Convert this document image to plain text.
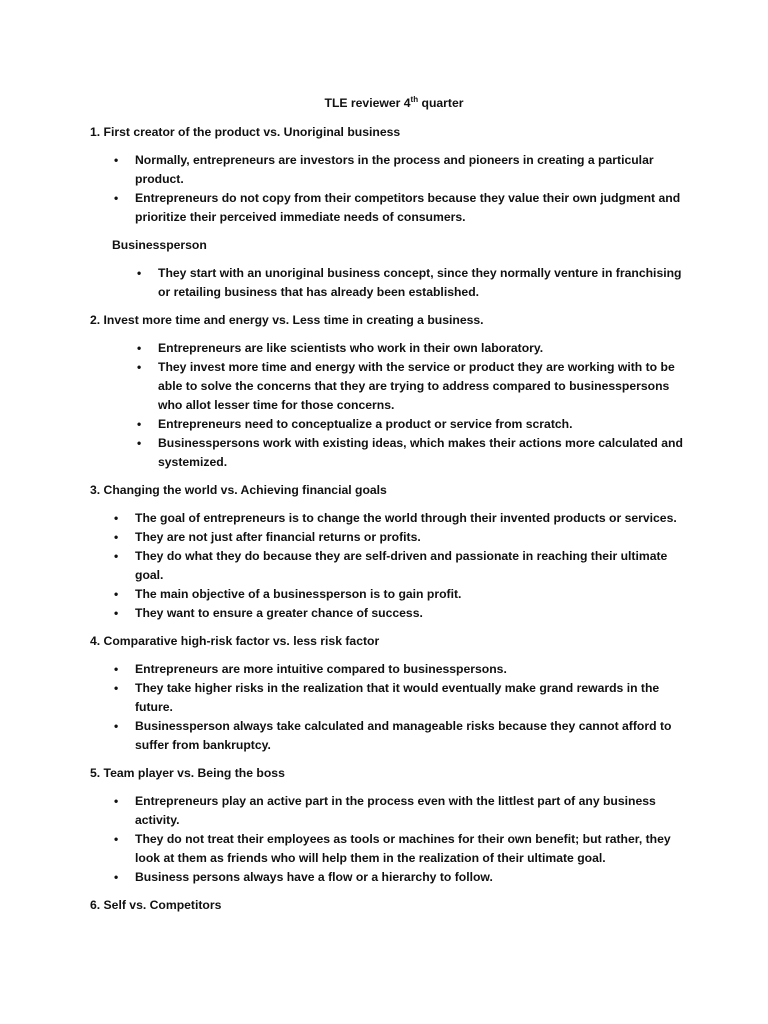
TLE reviewer 4th quarter
1. First creator of the product vs. Unoriginal business
• Normally, entrepreneurs are investors in the process and pioneers in creating a particular product.
• Entrepreneurs do not copy from their competitors because they value their own judgment and prioritize their perceived immediate needs of consumers.
Businessperson
• They start with an unoriginal business concept, since they normally venture in franchising or retailing business that has already been established.
2. Invest more time and energy vs. Less time in creating a business.
• Entrepreneurs are like scientists who work in their own laboratory.
• They invest more time and energy with the service or product they are working with to be able to solve the concerns that they are trying to address compared to businesspersons who allot lesser time for those concerns.
• Entrepreneurs need to conceptualize a product or service from scratch.
• Businesspersons work with existing ideas, which makes their actions more calculated and systemized.
3. Changing the world vs. Achieving financial goals
• The goal of entrepreneurs is to change the world through their invented products or services.
• They are not just after financial returns or profits.
• They do what they do because they are self-driven and passionate in reaching their ultimate goal.
• The main objective of a businessperson is to gain profit.
• They want to ensure a greater chance of success.
4. Comparative high-risk factor vs. less risk factor
• Entrepreneurs are more intuitive compared to businesspersons.
• They take higher risks in the realization that it would eventually make grand rewards in the future.
• Businessperson always take calculated and manageable risks because they cannot afford to suffer from bankruptcy.
5. Team player vs. Being the boss
• Entrepreneurs play an active part in the process even with the littlest part of any business activity.
• They do not treat their employees as tools or machines for their own benefit; but rather, they look at them as friends who will help them in the realization of their ultimate goal.
• Business persons always have a flow or a hierarchy to follow.
6. Self vs. Competitors
